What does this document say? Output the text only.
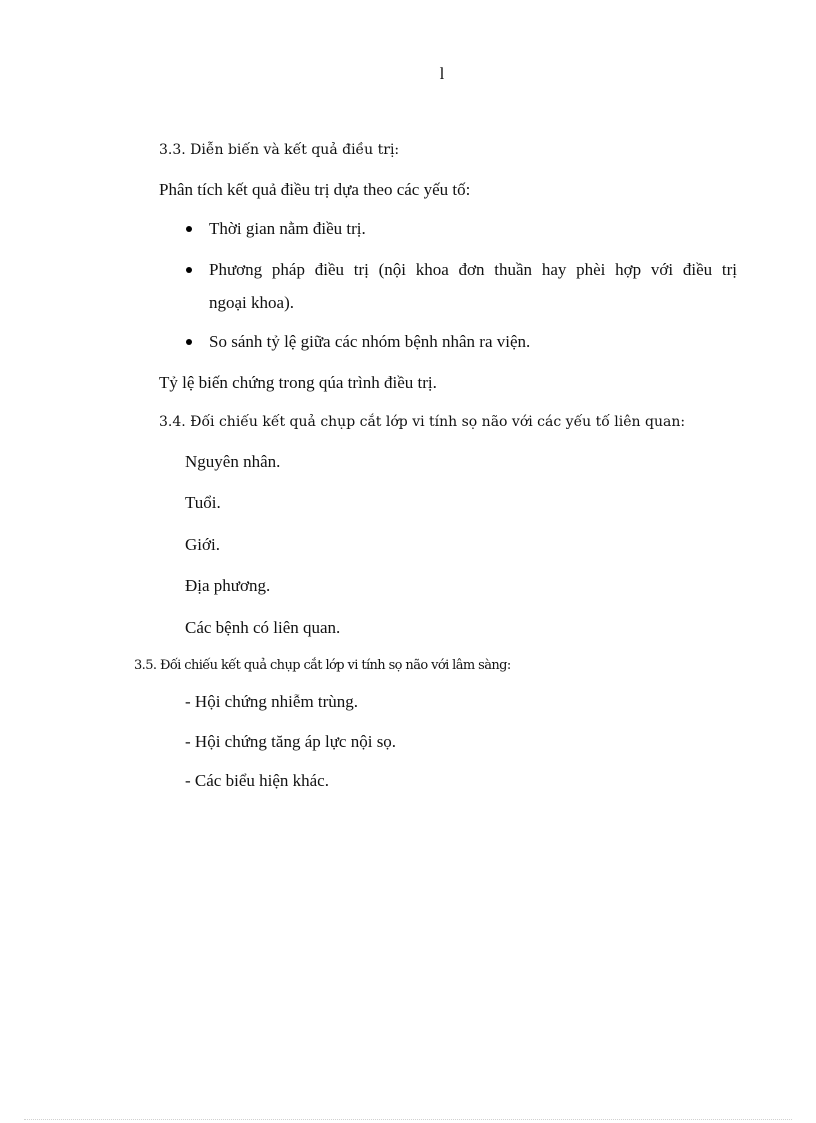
l
3.3. Diễn biến và kết quả điều trị:
Phân tích kết quả điều trị dựa theo các yếu tố:
Thời gian nằm điều trị.
Phương pháp điều trị (nội khoa đơn thuần hay phèi hợp với điều trị
ngoại khoa).
So sánh tỷ lệ giữa các nhóm bệnh nhân ra viện.
Tỷ lệ biến chứng trong qúa trình điều trị.
3.4. Đối chiếu kết quả chụp cắt lớp vi tính sọ não với các yếu tố liên quan:
Nguyên nhân.
Tuổi.
Giới.
Địa phương.
Các bệnh có liên quan.
3.5. Đối chiếu kết quả chụp cắt lớp vi tính sọ não với lâm sàng:
- Hội chứng nhiễm trùng.
- Hội chứng tăng áp lực nội sọ.
- Các biểu hiện khác.
